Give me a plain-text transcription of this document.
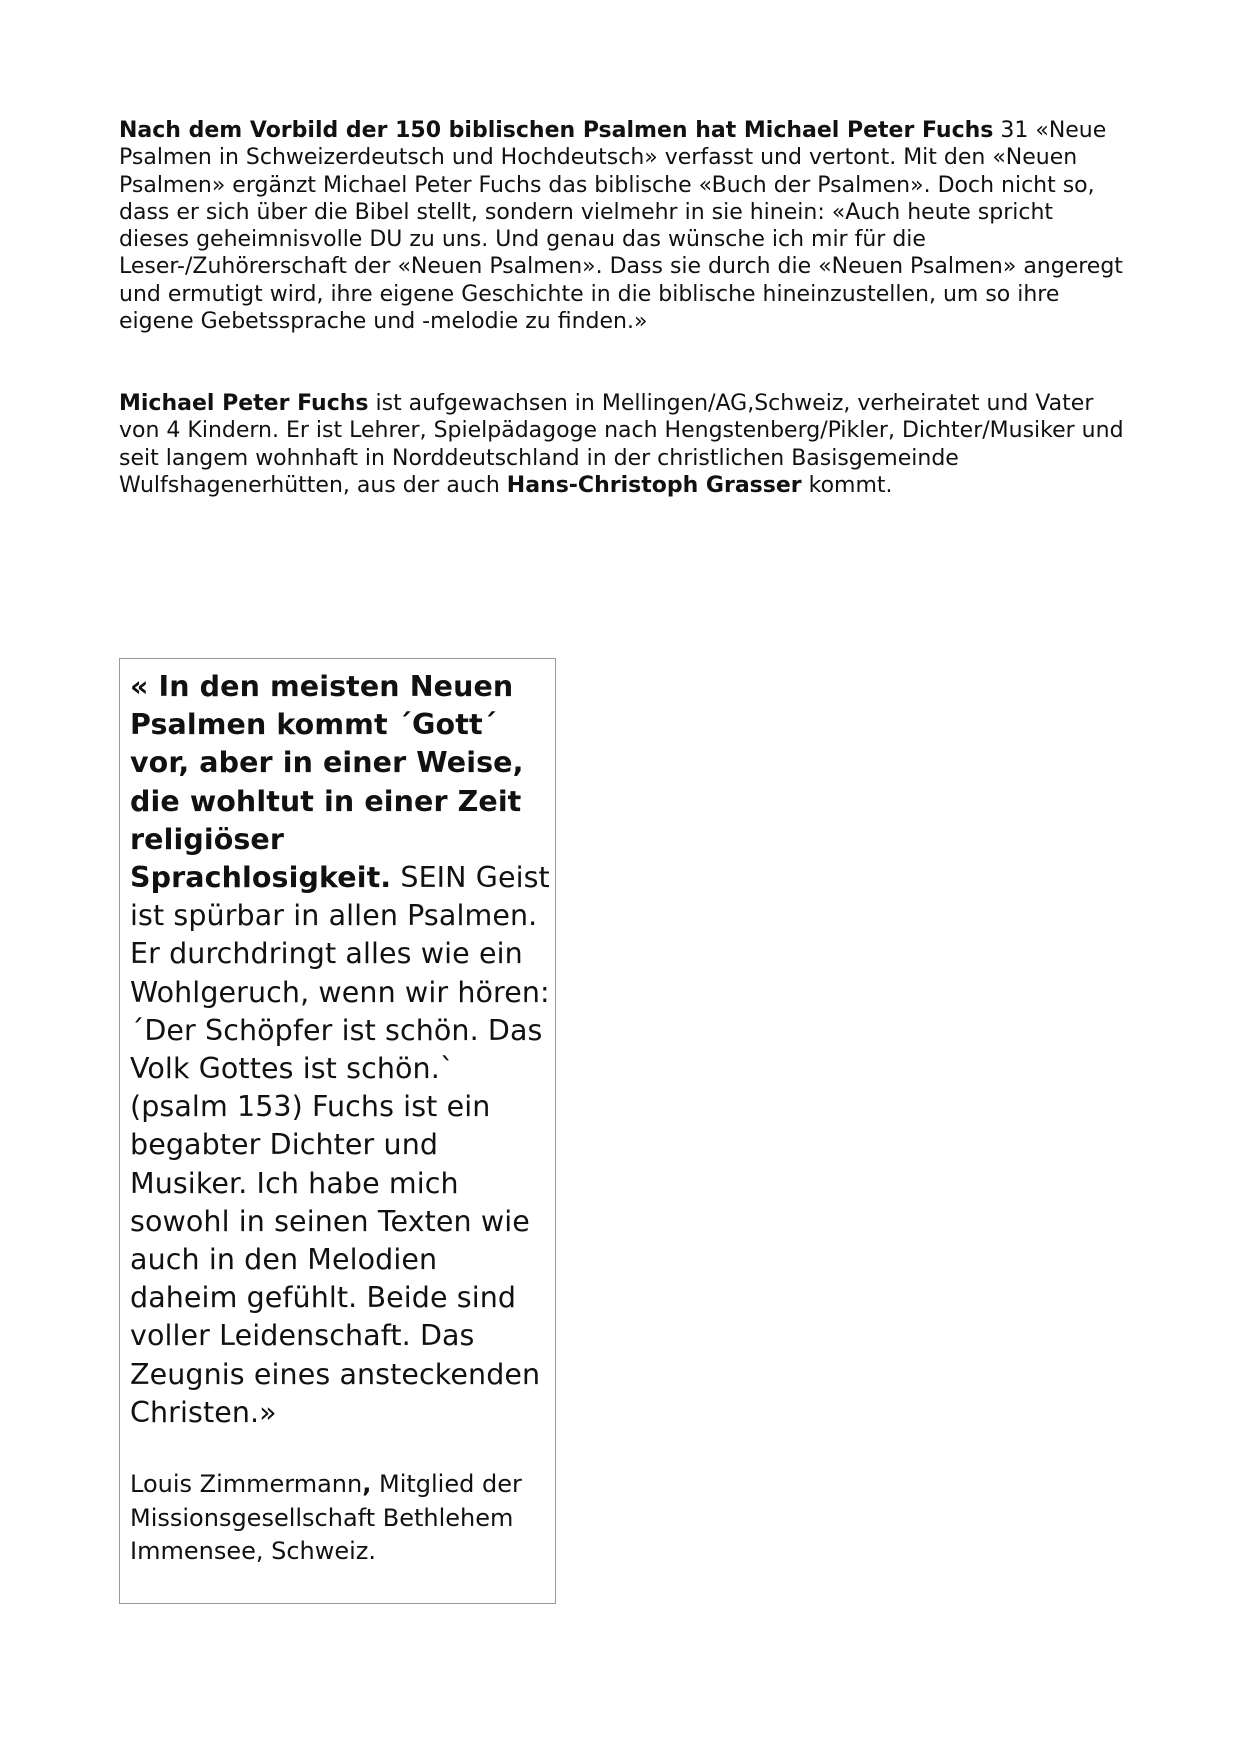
Nach dem Vorbild der 150 biblischen Psalmen hat Michael Peter Fuchs 31 «Neue Psalmen in Schweizerdeutsch und Hochdeutsch» verfasst und vertont. Mit den «Neuen Psalmen» ergänzt Michael Peter Fuchs das biblische «Buch der Psalmen». Doch nicht so, dass er sich über die Bibel stellt, sondern vielmehr in sie hinein: «Auch heute spricht dieses geheimnisvolle DU zu uns. Und genau das wünsche ich mir für die Leser-/Zuhörerschaft der «Neuen Psalmen». Dass sie durch die «Neuen Psalmen» angeregt und ermutigt wird, ihre eigene Geschichte in die biblische hineinzustellen, um so ihre eigene Gebetssprache und -melodie zu finden.»

Michael Peter Fuchs ist aufgewachsen in Mellingen/AG,Schweiz, verheiratet und Vater von 4 Kindern. Er ist Lehrer, Spielpädagoge nach Hengstenberg/Pikler, Dichter/Musiker und seit langem wohnhaft in Norddeutschland in der christlichen Basisgemeinde Wulfshagenerhütten, aus der auch Hans-Christoph Grasser kommt.

« In den meisten Neuen Psalmen kommt ´Gott´ vor, aber in einer Weise, die wohltut in einer Zeit religiöser Sprachlosigkeit. SEIN Geist ist spürbar in allen Psalmen. Er durchdringt alles wie ein Wohlgeruch, wenn wir hören: ´Der Schöpfer ist schön. Das Volk Gottes ist schön.` (psalm 153) Fuchs ist ein begabter Dichter und Musiker. Ich habe mich sowohl in seinen Texten wie auch in den Melodien daheim gefühlt. Beide sind voller Leidenschaft. Das Zeugnis eines ansteckenden Christen.»

Louis Zimmermann, Mitglied der Missionsgesellschaft Bethlehem Immensee, Schweiz.
